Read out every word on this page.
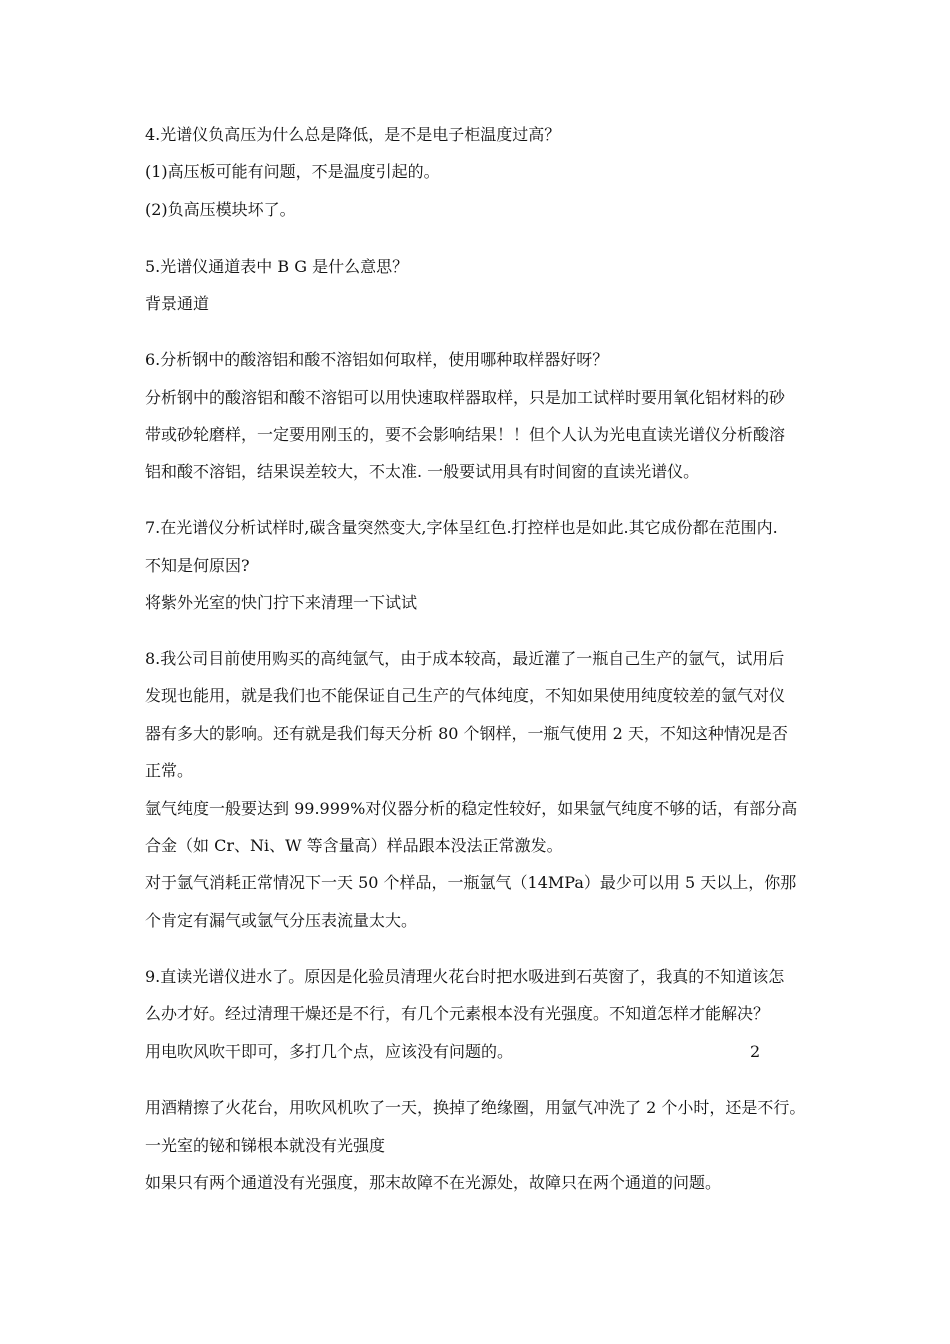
4.光谱仪负高压为什么总是降低，是不是电子柜温度过高？
(1)高压板可能有问题，不是温度引起的。
(2)负高压模块坏了。
5.光谱仪通道表中 B G 是什么意思？
背景通道
6.分析钢中的酸溶铝和酸不溶铝如何取样，使用哪种取样器好呀？
分析钢中的酸溶铝和酸不溶铝可以用快速取样器取样，只是加工试样时要用氧化铝材料的砂
带或砂轮磨样，一定要用刚玉的，要不会影响结果！！但个人认为光电直读光谱仪分析酸溶
铝和酸不溶铝，结果误差较大，不太准. 一般要试用具有时间窗的直读光谱仪。
7.在光谱仪分析试样时,碳含量突然变大,字体呈红色.打控样也是如此.其它成份都在范围内.
不知是何原因?
将紫外光室的快门拧下来清理一下试试
8.我公司目前使用购买的高纯氩气，由于成本较高，最近灌了一瓶自己生产的氩气，试用后
发现也能用，就是我们也不能保证自己生产的气体纯度，不知如果使用纯度较差的氩气对仪
器有多大的影响。还有就是我们每天分析 80 个钢样，一瓶气使用 2 天，不知这种情况是否
正常。
氩气纯度一般要达到 99.999%对仪器分析的稳定性较好，如果氩气纯度不够的话，有部分高
合金（如 Cr、Ni、W 等含量高）样品跟本没法正常激发。
对于氩气消耗正常情况下一天 50 个样品，一瓶氩气（14MPa）最少可以用 5 天以上，你那
个肯定有漏气或氩气分压表流量太大。
9.直读光谱仪进水了。原因是化验员清理火花台时把水吸进到石英窗了，我真的不知道该怎
么办才好。经过清理干燥还是不行，有几个元素根本没有光强度。不知道怎样才能解决？
用电吹风吹干即可，多打几个点，应该没有问题的。	2
用酒精擦了火花台，用吹风机吹了一天，换掉了绝缘圈，用氩气冲洗了 2 个小时，还是不行。
一光室的铋和锑根本就没有光强度
如果只有两个通道没有光强度，那末故障不在光源处，故障只在两个通道的问题。
